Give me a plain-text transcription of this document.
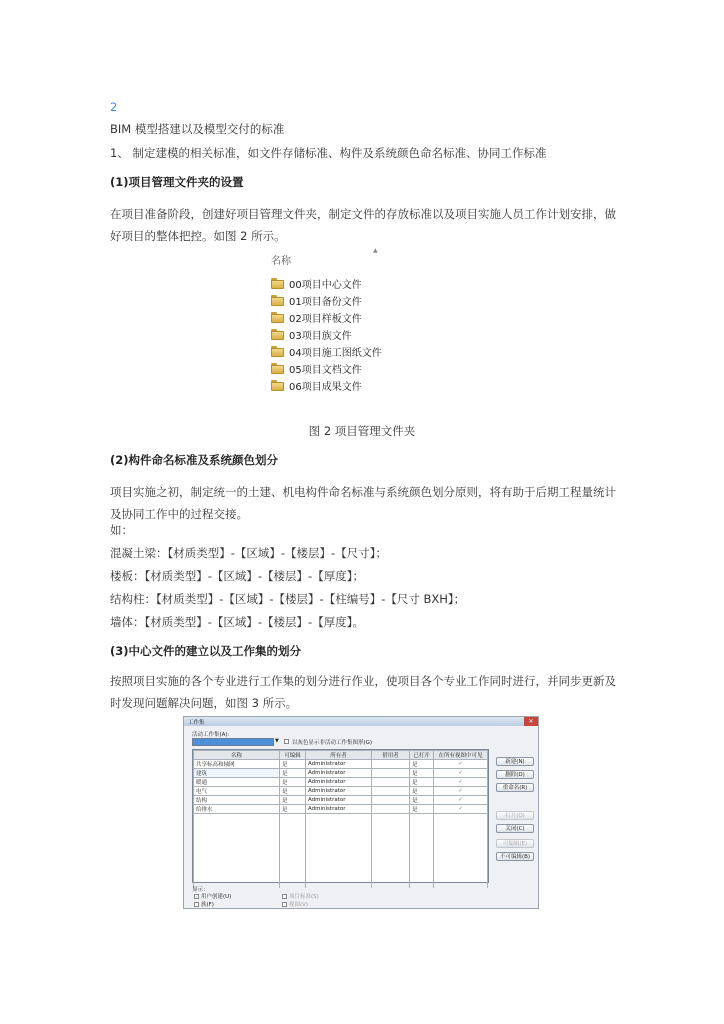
2
BIM 模型搭建以及模型交付的标准
1、 制定建模的相关标准，如文件存储标准、构件及系统颜色命名标准、协同工作标准
(1)项目管理文件夹的设置
在项目准备阶段，创建好项目管理文件夹，制定文件的存放标准以及项目实施人员工作计划安排，做好项目的整体把控。如图 2 所示。
▲
名称
00项目中心文件
01项目备份文件
02项目样板文件
03项目族文件
04项目施工图纸文件
05项目文档文件
06项目成果文件
图 2 项目管理文件夹
(2)构件命名标准及系统颜色划分
项目实施之初，制定统一的土建、机电构件命名标准与系统颜色划分原则，将有助于后期工程量统计及协同工作中的过程交接。
如：
混凝土梁：【材质类型】-【区域】-【楼层】-【尺寸】；
楼板：【材质类型】-【区域】-【楼层】-【厚度】；
结构柱：【材质类型】-【区域】-【楼层】-【柱编号】-【尺寸 BXH】；
墙体：【材质类型】-【区域】-【楼层】-【厚度】。
(3)中心文件的建立以及工作集的划分
按照项目实施的各个专业进行工作集的划分进行作业，使项目各个专业工作同时进行，并同步更新及时发现问题解决问题，如图 3 所示。
工作集	✕
活动工作集(A):
▼ 以灰色显示非活动工作集图形(G)
名称	可编辑	所有者	借用者	已打开	在所有视图中可见
共享标高和轴网	是	Administrator		是	✓
建筑	是	Administrator		是	✓
暖通	是	Administrator		是	✓
电气	是	Administrator		是	✓
结构	是	Administrator		是	✓
给排水	是	Administrator		是	✓

新建(N)
删除(D)
重命名(R)
打开(O)
关闭(C)
可编辑(E)
不可编辑(B)
显示：
✓ 用户创建(U)	项目标准(S)
族(F)	视图(V)
